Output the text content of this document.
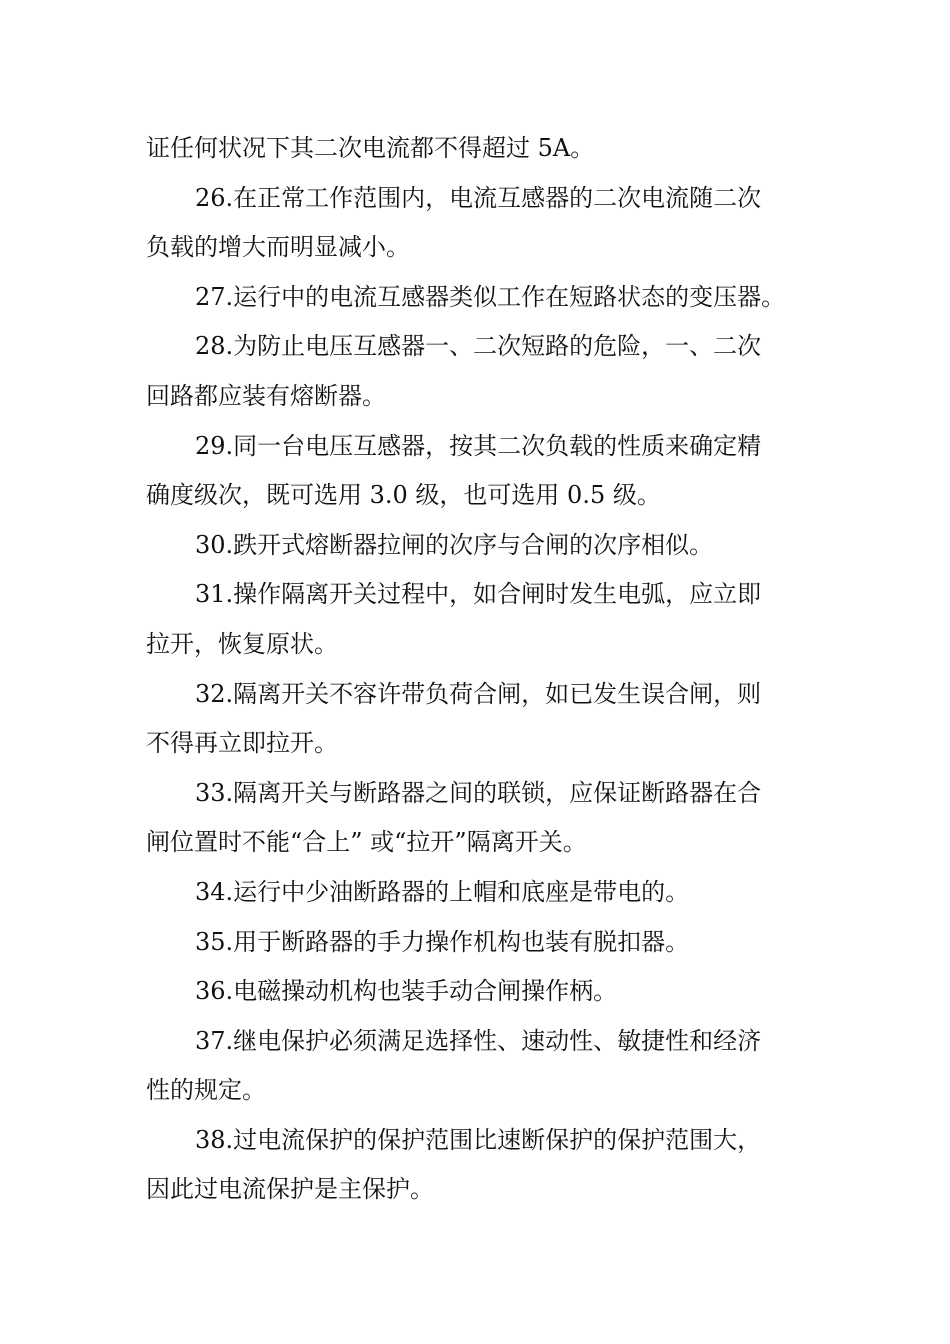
证任何状况下其二次电流都不得超过 5A。
26.在正常工作范围内，电流互感器的二次电流随二次
负载的增大而明显减小。
27.运行中的电流互感器类似工作在短路状态的变压器。
28.为防止电压互感器一、二次短路的危险，一、二次
回路都应装有熔断器。
29.同一台电压互感器，按其二次负载的性质来确定精
确度级次，既可选用 3.0 级，也可选用 0.5 级。
30.跌开式熔断器拉闸的次序与合闸的次序相似。
31.操作隔离开关过程中，如合闸时发生电弧，应立即
拉开，恢复原状。
32.隔离开关不容许带负荷合闸，如已发生误合闸，则
不得再立即拉开。
33.隔离开关与断路器之间的联锁，应保证断路器在合
闸位置时不能“合上” 或“拉开”隔离开关。
34.运行中少油断路器的上帽和底座是带电的。
35.用于断路器的手力操作机构也装有脱扣器。
36.电磁操动机构也装手动合闸操作柄。
37.继电保护必须满足选择性、速动性、敏捷性和经济
性的规定。
38.过电流保护的保护范围比速断保护的保护范围大，
因此过电流保护是主保护。
